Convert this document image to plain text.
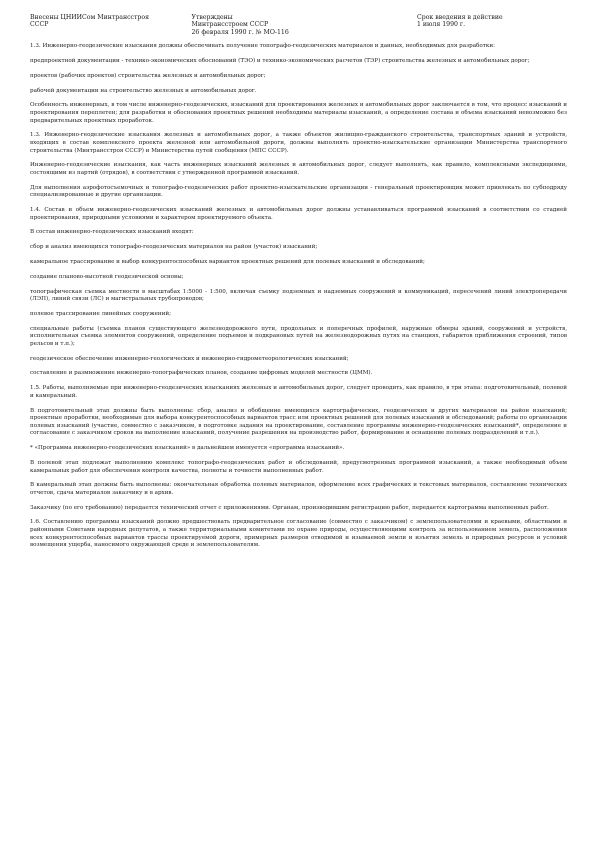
Внесены ЦНИИСом Минтрансстроя
СССР
Утверждены
Минтрансстроем СССР
26 февраля 1990 г. № МО-116
Срок введения в действие
1 июля 1990 г.

1.3. Инженерно-геодезические изыскания должны обеспечивать получение топографо-геодезических материалов и данных, необходимых для разработки:

предпроектной документации - технико-экономических обоснований (ТЭО) и технико-экономических расчетов (ТЭР) строительства железных и автомобильных дорог;

проектов (рабочих проектов) строительства железных и автомобильных дорог;

рабочей документации на строительство железных и автомобильных дорог.

Особенность инженерных, в том числе инженерно-геодезических, изысканий для проектирования железных и автомобильных дорог заключается в том, что процесс изысканий и проектирования переплетен; для разработки и обоснования проектных решений необходимы материалы изысканий, а определение состава и объема изысканий невозможно без предварительных проектных проработок.

1.3. Инженерно-геодезические изыскания железных и автомобильных дорог, а также объектов жилищно-гражданского строительства, транспортных зданий и устройств, входящих в состав комплексного проекта железной или автомобильной дороги, должны выполнять проектно-изыскательские организации Министерства транспортного строительства (Минтрансстроя СССР) и Министерства путей сообщения (МПС СССР).

Инженерно-геодезические изыскания, как часть инженерных изысканий железных и автомобильных дорог, следует выполнять, как правило, комплексными экспедициями, состоящими из партий (отрядов), в соответствии с утвержденной программой изысканий.

Для выполнения аэрофотосъемочных и топографо-геодезических работ проектно-изыскательские организации - генеральный проектировщик может привлекать по субподряду специализированные и другие организации.

1.4. Состав и объем инженерно-геодезических изысканий железных и автомобильных дорог должны устанавливаться программой изысканий в соответствии со стадией проектирования, природными условиями и характером проектируемого объекта.

В состав инженерно-геодезических изысканий входят:

сбор и анализ имеющихся топографо-геодезических материалов на район (участок) изысканий;

камеральное трассирование и выбор конкурентоспособных вариантов проектных решений для полевых изысканий и обследований;

создание планово-высотной геодезической основы;

топографическая съемка местности в масштабах 1:5000 - 1:500, включая съемку подземных и надземных сооружений и коммуникаций, пересечений линий электропередачи (ЛЭП), линий связи (ЛС) и магистральных трубопроводов;

полевое трассирование линейных сооружений;

специальные работы (съемка планов существующего железнодорожного пути, продольных и поперечных профилей, наружные обмеры зданий, сооружений и устройств, исполнительная съемка элементов сооружений, определение подъемов и подкрановых путей на железнодорожных путях на станциях, габаритов приближения строений, типов рельсов и т.п.);

геодезическое обеспечение инженерно-геологических и инженерно-гидрометеорологических изысканий;

составление и размножение инженерно-топографических планов, создание цифровых моделей местности (ЦММ).

1.5. Работы, выполняемые при инженерно-геодезических изысканиях железных и автомобильных дорог, следует проводить, как правило, в три этапа: подготовительный, полевой и камеральный.

В подготовительный этап должны быть выполнены: сбор, анализ и обобщение имеющихся картографических, геодезических и других материалов на район изысканий; проектные проработки, необходимые для выбора конкурентоспособных вариантов трасс или проектных решений для полевых изысканий и обследований; работы по организации полевых изысканий (участие, совместно с заказчиком, в подготовке задания на проектирование, составление программы инженерно-геодезических изысканий*, определение и согласование с заказчиком сроков на выполнение изысканий, получение разрешения на производство работ, формирование и оснащение полевых подразделений и т.п.).

* «Программа инженерно-геодезических изысканий» в дальнейшем именуется «программа изысканий».

В полевой этап подлежат выполнению комплекс топографо-геодезических работ и обследований, предусмотренных программой изысканий, а также необходимый объем камеральных работ для обеспечения контроля качества, полноты и точности выполненных работ.

В камеральный этап должны быть выполнены: окончательная обработка полевых материалов, оформление всех графических и текстовых материалов, составление технических отчетов, сдача материалов заказчику и в архив.

Заказчику (по его требованию) передается технический отчет с приложениями. Органам, производившим регистрацию работ, передается картограмма выполненных работ.

1.6. Составлению программы изысканий должно предшествовать предварительное согласование (совместно с заказчиком) с землепользователями и краевыми, областными и районными Советами народных депутатов, а также территориальными комитетами по охране природы, осуществляющими контроль за использованием земель, расположения всех конкурентоспособных вариантов трассы проектируемой дороги, примерных размеров отводимой и изымаемой земли и изъятия земель и природных ресурсов и условий возмещения ущерба, наносимого окружающей среде и землепользователям.
